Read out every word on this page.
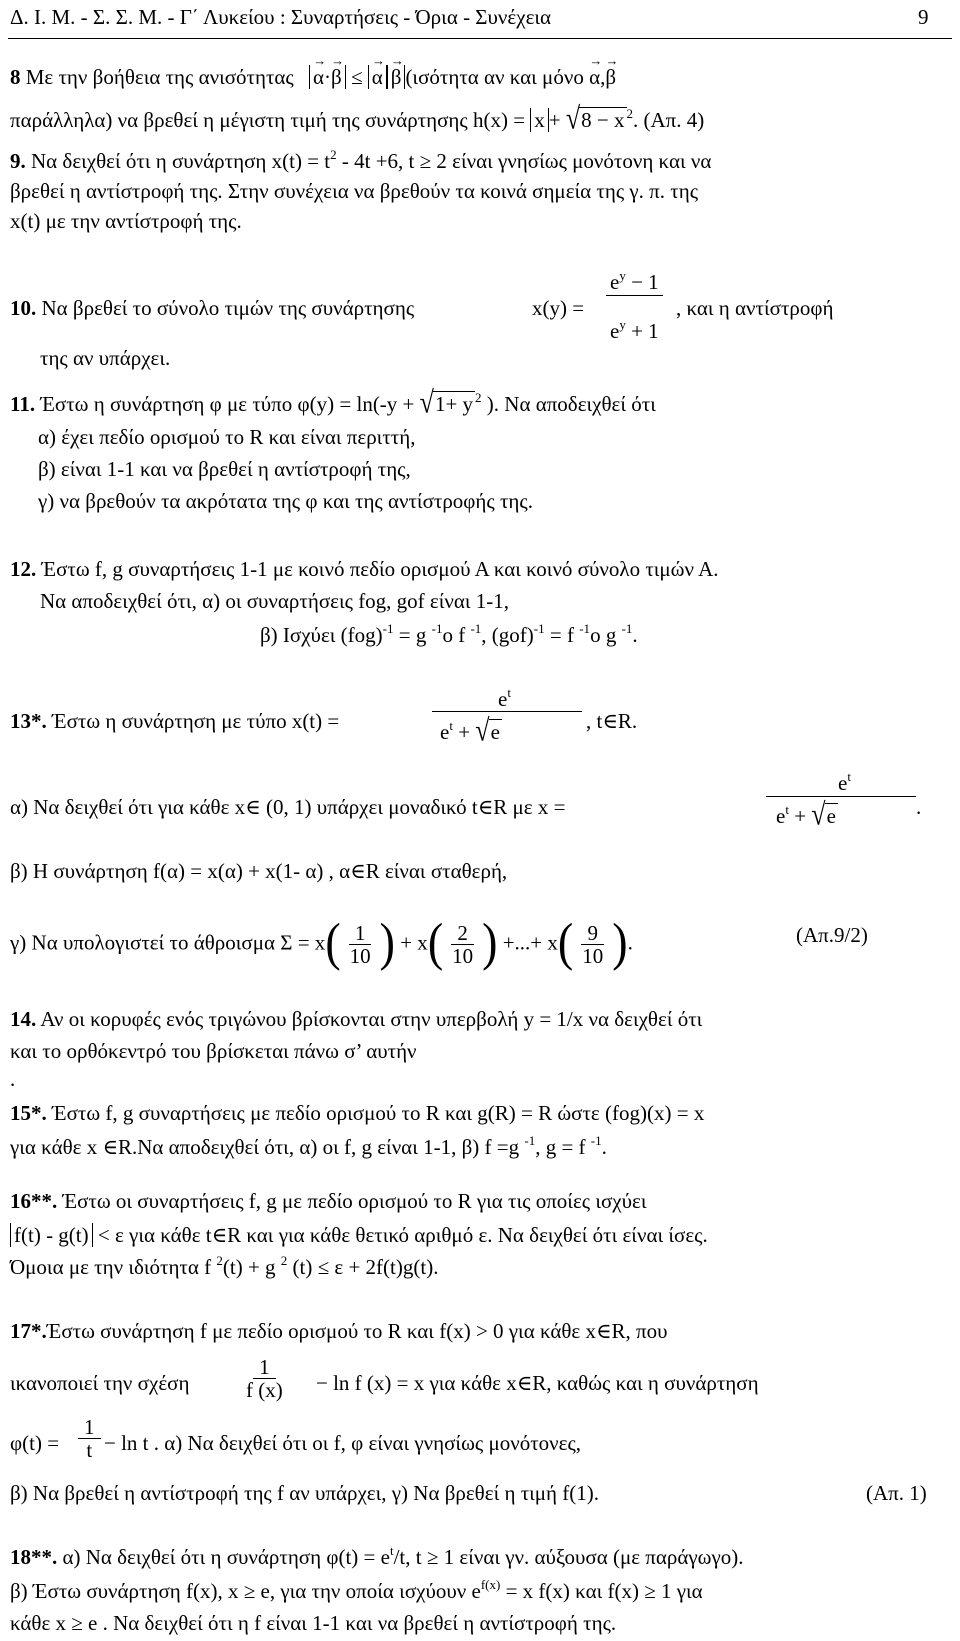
Δ. Ι. Μ. - Σ. Σ. Μ. - Γ΄ Λυκείου : Συναρτήσεις - Όρια - Συνέχεια	9
8 Με την βοήθεια της ανισότητας → α·→ β ≤ → α → β (ισότητα αν και μόνο → α,→ β
παράλληλα) να βρεθεί η μέγιστη τιμή της συνάρτησης h(x) = x + √8 − x $^2$. (Απ. 4)
9. Να δειχθεί ότι η συνάρτηση $x(t) = t^2 - 4t +6$, t ≥ 2 είναι γνησίως μονότονη και να
βρεθεί η αντίστροφή της. Στην συνέχεια να βρεθούν τα κοινά σημεία της γ. π. της
x(t) με την αντίστροφή της.
10. Να βρεθεί το σύνολο τιμών της συνάρτησης	x(y) =
$e^y - 1$
$e^y + 1$
, και η αντίστροφή
της αν υπάρχει.
11. Έστω η συνάρτηση φ με τύπο φ(y) = ln(-y + √1+ y $^2$ ). Να αποδειχθεί ότι
α) έχει πεδίο ορισμού το R και είναι περιττή,
β) είναι 1-1 και να βρεθεί η αντίστροφή της,
γ) να βρεθούν τα ακρότατα της φ και της αντίστροφής της.
12. Έστω f, g συναρτήσεις 1-1 με κοινό πεδίο ορισμού Α και κοινό σύνολο τιμών Α.
Να αποδειχθεί ότι, α) οι συναρτήσεις fog, gof είναι 1-1,
β) Ισχύει (fog)$^{-1}$ = g $^{-1}$o f $^{-1}$, (gof)$^{-1}$ = f $^{-1}$o g $^{-1}$.
13*. Έστω η συνάρτηση με τύπο x(t) =
$e^t$
$e^t + √e$	, t∈R.
α) Να δειχθεί ότι για κάθε x∈ (0, 1) υπάρχει μοναδικό t∈R με x =
$e^t$
$e^t + √e$	.
β) Η συνάρτηση f(α) = x(α) + x(1- α) , α∈R είναι σταθερή,
γ) Να υπολογιστεί το άθροισμα $\Sigma = x( \frac{1}{10}$ ) + $x( \frac{2}{10}$ ) +...+ $x( \frac{9}{10}$ ).	(Απ.9/2)
14. Αν οι κορυφές ενός τριγώνου βρίσκονται στην υπερβολή y = 1/x να δειχθεί ότι
και το ορθόκεντρό του βρίσκεται πάνω σ’ αυτήν
.
15*. Έστω f, g συναρτήσεις με πεδίο ορισμού το R και g(R) = R ώστε (fog)(x) = x
για κάθε x ∈R.Να αποδειχθεί ότι, α) οι f, g είναι 1-1, β) f =g $^{-1}$, g = f $^{-1}$.
16**. Έστω οι συναρτήσεις f, g με πεδίο ορισμού το R για τις οποίες ισχύει
f(t) - g(t) < ε για κάθε t∈R και για κάθε θετικό αριθμό ε. Να δειχθεί ότι είναι ίσες.
Όμοια με την ιδιότητα f $^2$(t) + g $^2$ (t) ≤ ε + 2f(t)g(t).
17*.Έστω συνάρτηση f με πεδίο ορισμού το R και f(x) > 0 για κάθε x∈R, που
ικανοποιεί την σχέση $\frac{1}{f (x)} - \ln f$ (x) = x για κάθε x∈R, καθώς και η συνάρτηση
$\varphi(t) = \frac{1}{t} - \ln t$ . α) Να δειχθεί ότι οι f, φ είναι γνησίως μονότονες,
β) Να βρεθεί η αντίστροφή της f αν υπάρχει, γ) Να βρεθεί η τιμή f(1).	(Απ. 1)
18**. α) Να δειχθεί ότι η συνάρτηση $\varphi(t) = e^t/t$, t ≥ 1 είναι γν. αύξουσα (με παράγωγο).
β) Έστω συνάρτηση f(x), x ≥ e, για την οποία ισχύουν $e^{f(x)} = x$ f(x) και f(x) ≥ 1 για
κάθε x ≥ e . Να δειχθεί ότι η f είναι 1-1 και να βρεθεί η αντίστροφή της.
